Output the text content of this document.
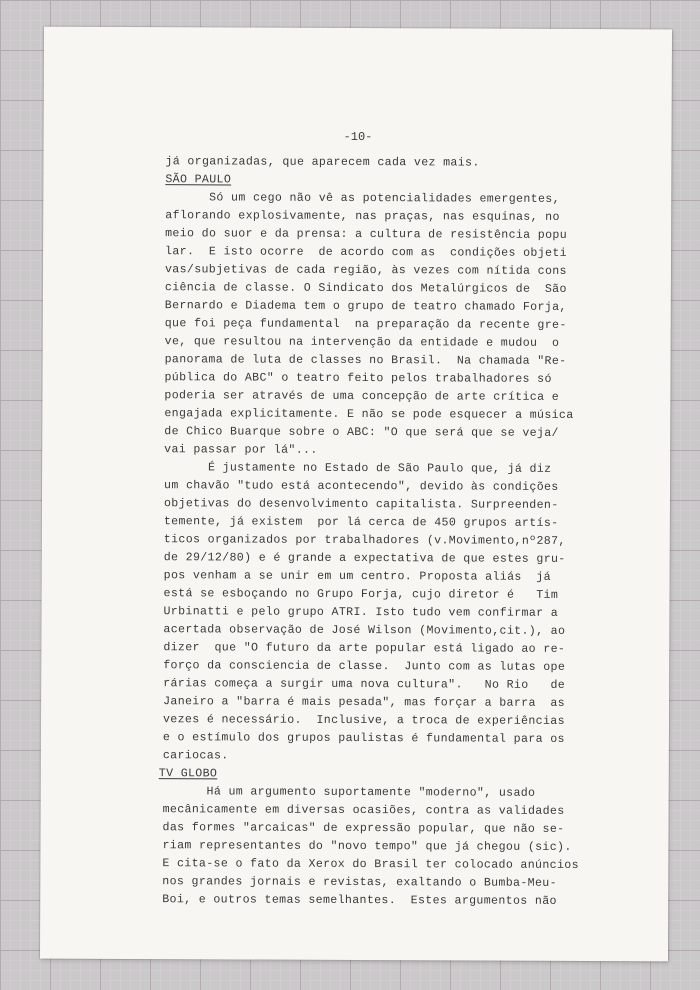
-10-

já organizadas, que aparecem cada vez mais.

SÃO PAULO

Só um cego não vê as potencialidades emergentes,

aflorando explosivamente, nas praças, nas esquinas, no

meio do suor e da prensa: a cultura de resistência popu

lar.  E isto ocorre  de acordo com as  condições objeti

vas/subjetivas de cada região, às vezes com nítida cons

ciência de classe. O Sindicato dos Metalúrgicos de  São

Bernardo e Diadema tem o grupo de teatro chamado Forja,

que foi peça fundamental  na preparação da recente gre-

ve, que resultou na intervenção da entidade e mudou  o

panorama de luta de classes no Brasil.  Na chamada "Re-

pública do ABC" o teatro feito pelos trabalhadores só

poderia ser através de uma concepção de arte crítica e

engajada explicitamente. E não se pode esquecer a música

de Chico Buarque sobre o ABC: "O que será que se veja/

vai passar por lá"...

É justamente no Estado de São Paulo que, já diz

um chavão "tudo está acontecendo", devido às condições

objetivas do desenvolvimento capitalista. Surpreenden-

temente, já existem  por lá cerca de 450 grupos artís-

ticos organizados por trabalhadores (v.Movimento,nº287,

de 29/12/80) e é grande a expectativa de que estes gru-

pos venham a se unir em um centro. Proposta aliás  já

está se esboçando no Grupo Forja, cujo diretor é   Tim

Urbinatti e pelo grupo ATRI. Isto tudo vem confirmar a

acertada observação de José Wilson (Movimento,cit.), ao

dizer  que "O futuro da arte popular está ligado ao re-

forço da consciencia de classe.  Junto com as lutas ope

rárias começa a surgir uma nova cultura".   No Rio   de

Janeiro a "barra é mais pesada", mas forçar a barra  as

vezes é necessário.  Inclusive, a troca de experiências

e o estímulo dos grupos paulistas é fundamental para os

cariocas.

TV GLOBO

Há um argumento suportamente "moderno", usado

mecânicamente em diversas ocasiões, contra as validades

das formes "arcaicas" de expressão popular, que não se-

riam representantes do "novo tempo" que já chegou (sic).

E cita-se o fato da Xerox do Brasil ter colocado anúncios

nos grandes jornais e revistas, exaltando o Bumba-Meu-

Boi, e outros temas semelhantes.  Estes argumentos não
